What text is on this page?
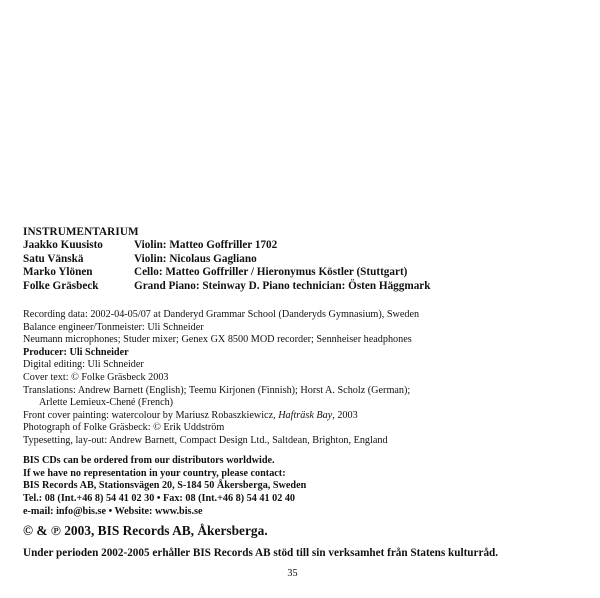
INSTRUMENTARIUM
Jaakko Kuusisto	Violin: Matteo Goffriller 1702
Satu Vänskä	Violin: Nicolaus Gagliano
Marko Ylönen	Cello: Matteo Goffriller / Hieronymus Köstler (Stuttgart)
Folke Gräsbeck	Grand Piano: Steinway D. Piano technician: Östen Häggmark
Recording data: 2002-04-05/07 at Danderyd Grammar School (Danderyds Gymnasium), Sweden
Balance engineer/Tonmeister: Uli Schneider
Neumann microphones; Studer mixer; Genex GX 8500 MOD recorder; Sennheiser headphones
Producer: Uli Schneider
Digital editing: Uli Schneider
Cover text: © Folke Gräsbeck 2003
Translations: Andrew Barnett (English); Teemu Kirjonen (Finnish); Horst A. Scholz (German);
Arlette Lemieux-Chené (French)
Front cover painting: watercolour by Mariusz Robaszkiewicz, Hafträsk Bay, 2003
Photograph of Folke Gräsbeck: © Erik Uddström
Typesetting, lay-out: Andrew Barnett, Compact Design Ltd., Saltdean, Brighton, England
BIS CDs can be ordered from our distributors worldwide.
If we have no representation in your country, please contact:
BIS Records AB, Stationsvägen 20, S-184 50 Åkersberga, Sweden
Tel.: 08 (Int.+46 8) 54 41 02 30 • Fax: 08 (Int.+46 8) 54 41 02 40
e-mail: info@bis.se • Website: www.bis.se
© & ℗ 2003, BIS Records AB, Åkersberga.
Under perioden 2002-2005 erhåller BIS Records AB stöd till sin verksamhet från Statens kulturråd.
35
